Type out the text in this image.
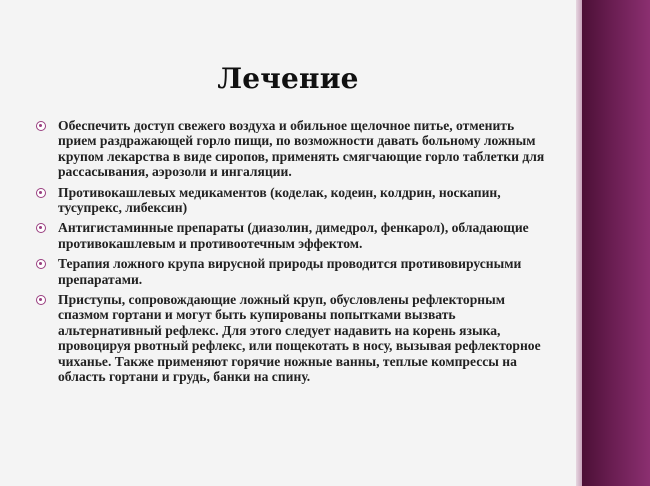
Лечение
Обеспечить доступ свежего воздуха и обильное щелочное питье, отменить прием раздражающей горло пищи, по возможности давать больному ложным крупом лекарства в виде сиропов, применять смягчающие горло таблетки для рассасывания, аэрозоли и ингаляции.
Противокашлевых медикаментов (коделак, кодеин, колдрин, носкапин, тусупрекс, либексин)
Антигистаминные препараты (диазолин, димедрол, фенкарол), обладающие противокашлевым и противоотечным эффектом.
Терапия ложного крупа вирусной природы проводится противовирусными препаратами.
Приступы, сопровождающие ложный круп, обусловлены рефлекторным спазмом гортани и могут быть купированы попытками вызвать альтернативный рефлекс. Для этого следует надавить на корень языка, провоцируя рвотный рефлекс, или пощекотать в носу, вызывая рефлекторное чиханье. Также применяют горячие ножные ванны, теплые компрессы на область гортани и грудь, банки на спину.
